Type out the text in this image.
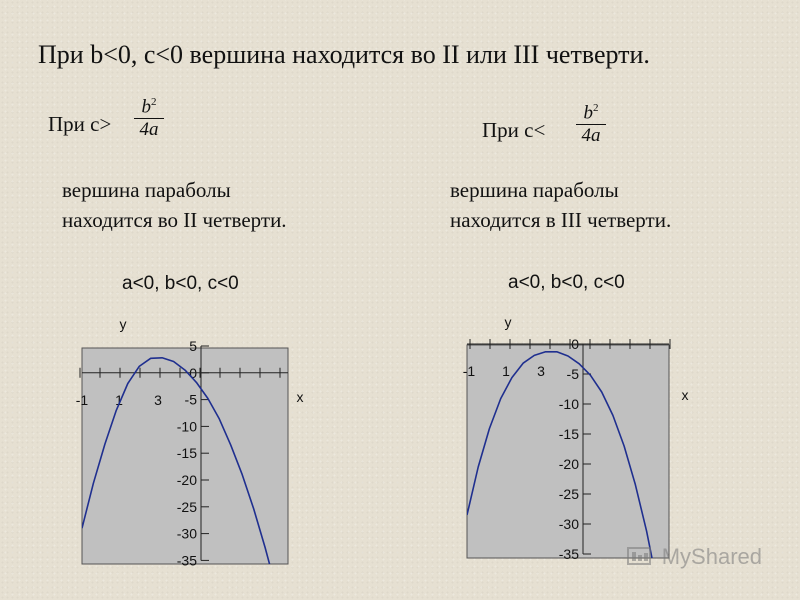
При b<0, c<0 вершина находится во II или III четверти.
При c>
$b^2$
4a
вершина параболы
находится во II четверти.
При c<
$b^2$
4a
вершина параболы
находится в III четверти.
a<0, b<0, c<0	a<0, b<0, c<0
5
0
-5
-10
-15
-20
-25
-30
-35
-1 1 3	x
y
0
-5
-10
-15
-20
-25
-30
-35
-1 1 3
x
y
MyShared
